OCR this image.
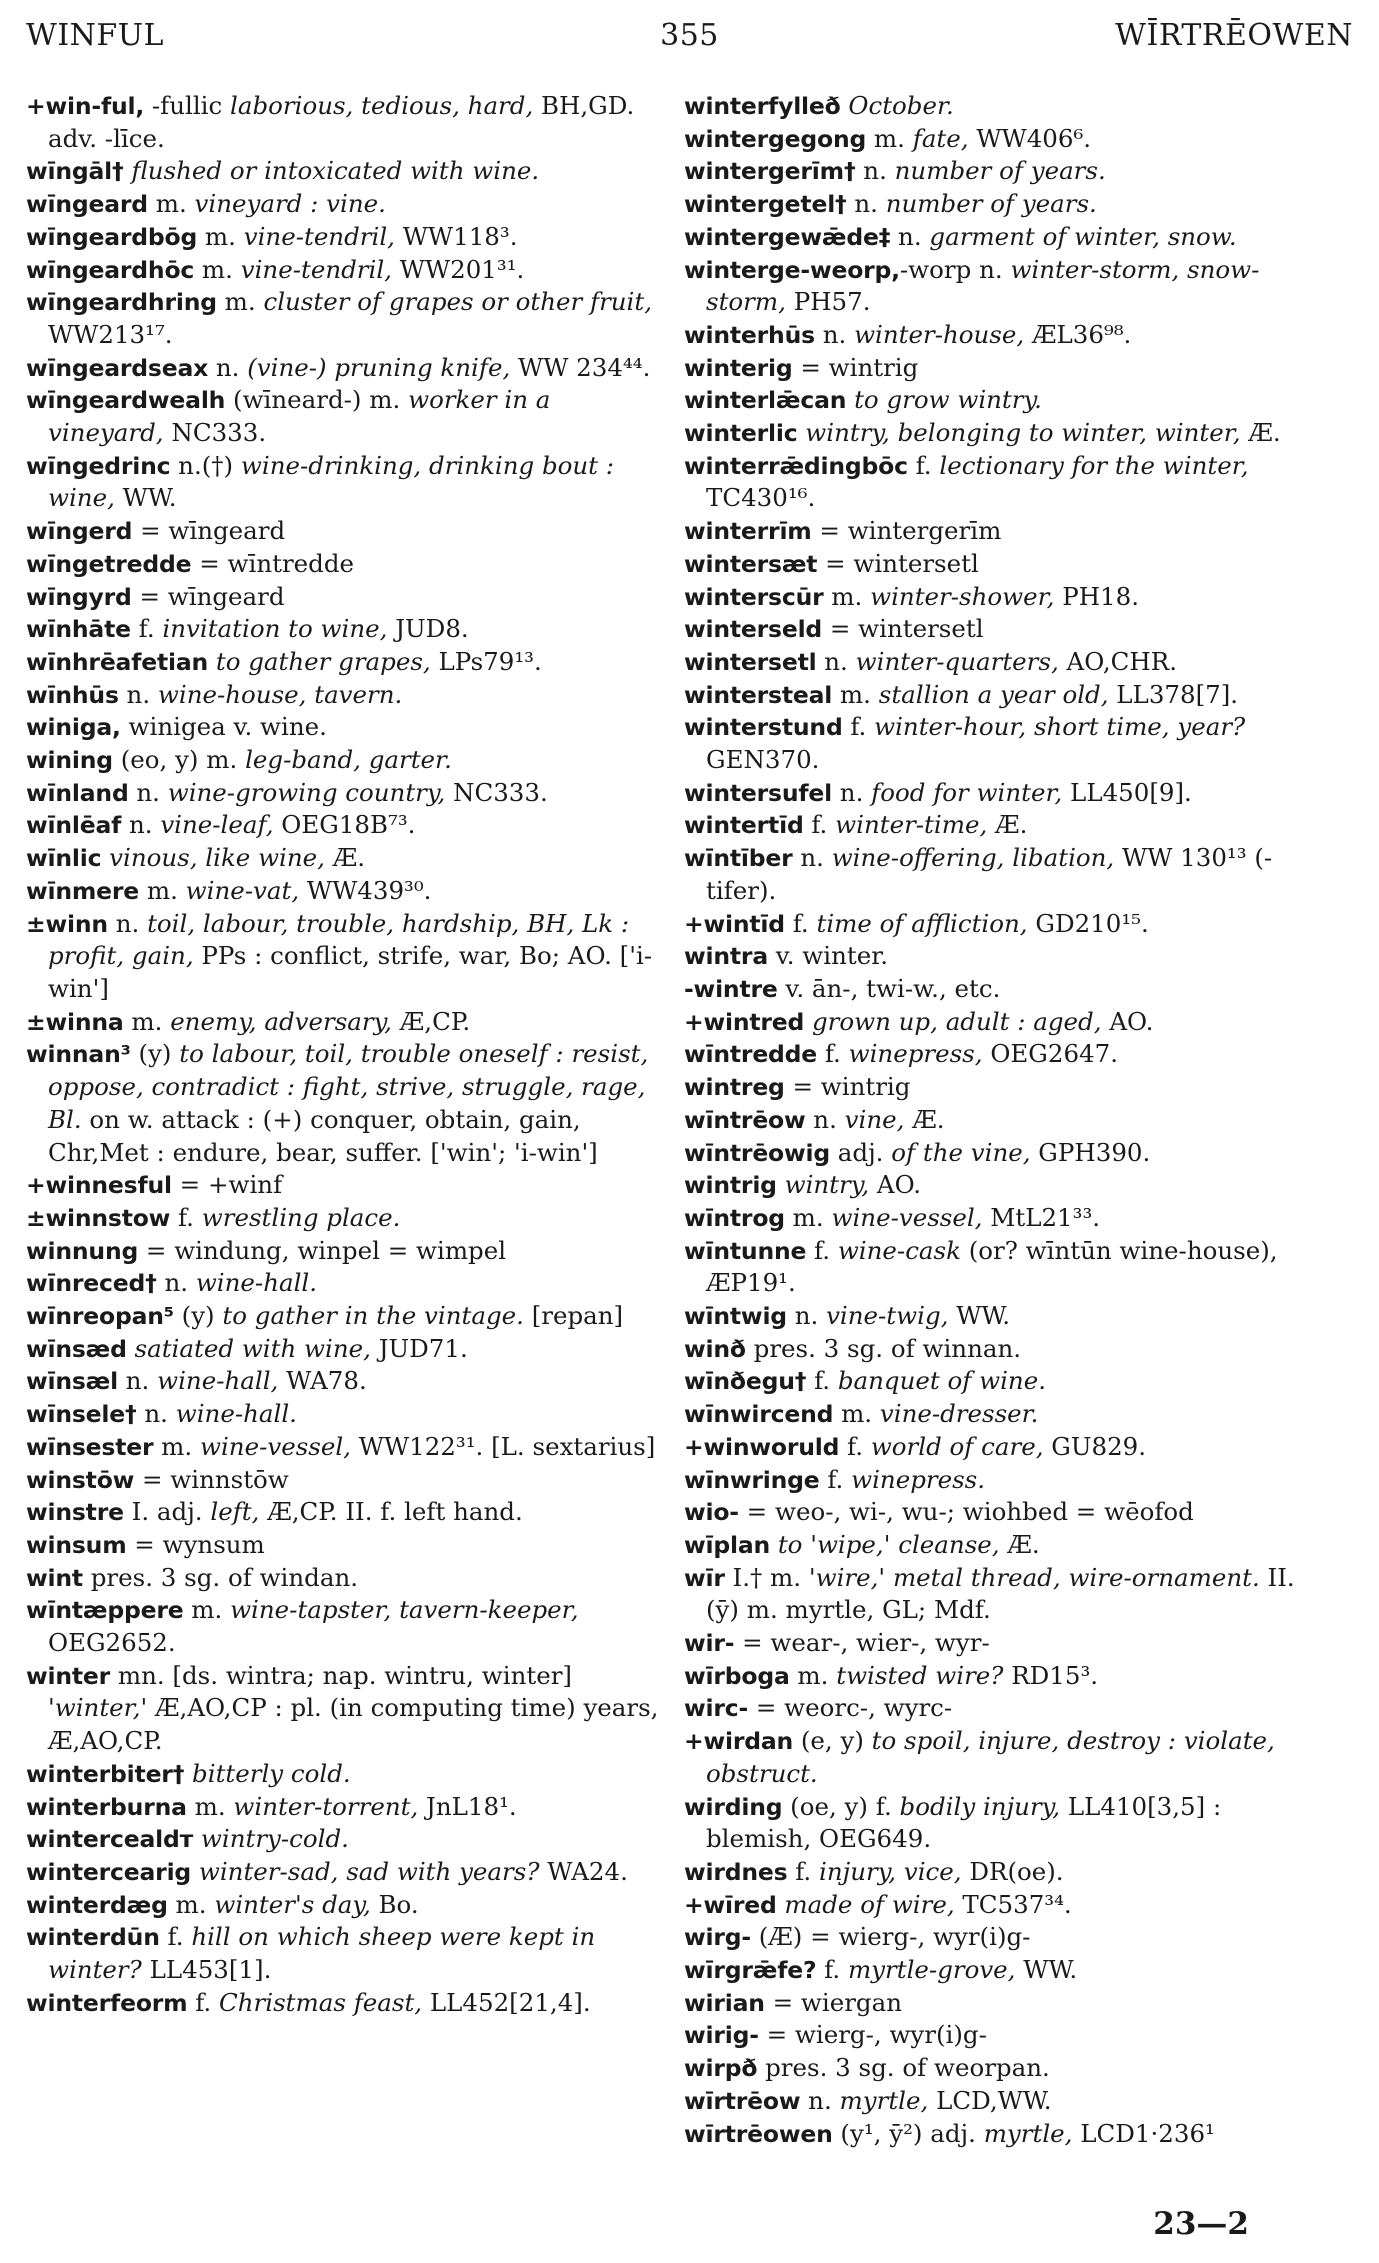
355
WINFUL	WĪRTRĒOWEN

+win-ful, -fullic laborious, tedious, hard, BH,GD. adv. -līce.

wīngāl† flushed or intoxicated with wine.

wīngeard m. vineyard : vine.

wīngeardbōg m. vine-tendril, WW118³.

wīngeardhōc m. vine-tendril, WW201³¹.

wīngeardhring m. cluster of grapes or other fruit, WW213¹⁷.

wīngeardseax n. (vine-) pruning knife, WW 234⁴⁴.

wīngeardwealh (wīneard-) m. worker in a vineyard, NC333.

wīngedrinc n.(†) wine-drinking, drinking bout : wine, WW.

wīngerd = wīngeard

wīngetredde = wīntredde

wīngyrd = wīngeard

wīnhāte f. invitation to wine, JUD8.

wīnhrēafetian to gather grapes, LPs79¹³.

wīnhūs n. wine-house, tavern.

winiga, winigea v. wine.

wining (eo, y) m. leg-band, garter.

wīnland n. wine-growing country, NC333.

wīnlēaf n. vine-leaf, OEG18B⁷³.

wīnlic vinous, like wine, Æ.

wīnmere m. wine-vat, WW439³⁰.

±winn n. toil, labour, trouble, hardship, BH, Lk : profit, gain, PPs : conflict, strife, war, Bo; AO. ['i-win']

±winna m. enemy, adversary, Æ,CP.

winnan³ (y) to labour, toil, trouble oneself : resist, oppose, contradict : fight, strive, struggle, rage, Bl. on w. attack : (+) conquer, obtain, gain, Chr,Met : endure, bear, suffer. ['win'; 'i-win']

+winnesful = +winf

±winnstow f. wrestling place.

winnung = windung, winpel = wimpel

wīnreced† n. wine-hall.

wīnreopan⁵ (y) to gather in the vintage. [repan]

wīnsæd satiated with wine, JUD71.

wīnsæl n. wine-hall, WA78.

wīnsele† n. wine-hall.

wīnsester m. wine-vessel, WW122³¹. [L. sextarius]

winstōw = winnstōw

winstre I. adj. left, Æ,CP. II. f. left hand.

winsum = wynsum

wint pres. 3 sg. of windan.

wīntæppere m. wine-tapster, tavern-keeper, OEG2652.

winter mn. [ds. wintra; nap. wintru, winter] 'winter,' Æ,AO,CP : pl. (in computing time) years, Æ,AO,CP.

winterbiter† bitterly cold.

winterburna m. winter-torrent, JnL18¹.

wintercealdт wintry-cold.

wintercearig winter-sad, sad with years? WA24.

winterdæg m. winter's day, Bo.

winterdūn f. hill on which sheep were kept in winter? LL453[1].

winterfeorm f. Christmas feast, LL452[21,4].

winterfylleð October.

wintergegong m. fate, WW406⁶.

wintergerīm† n. number of years.

wintergetel† n. number of years.

wintergewǣde‡ n. garment of winter, snow.

winterge-weorp,-worp n. winter-storm, snow-storm, PH57.

winterhūs n. winter-house, ÆL36⁹⁸.

winterig = wintrig

winterlǣcan to grow wintry.

winterlic wintry, belonging to winter, winter, Æ.

winterrǣdingbōc f. lectionary for the winter, TC430¹⁶.

winterrīm = wintergerīm

wintersæt = wintersetl

winterscūr m. winter-shower, PH18.

winterseld = wintersetl

wintersetl n. winter-quarters, AO,CHR.

wintersteal m. stallion a year old, LL378[7].

winterstund f. winter-hour, short time, year? GEN370.

wintersufel n. food for winter, LL450[9].

wintertīd f. winter-time, Æ.

wīntīber n. wine-offering, libation, WW 130¹³ (-tifer).

+wintīd f. time of affliction, GD210¹⁵.

wintra v. winter.

-wintre v. ān-, twi-w., etc.

+wintred grown up, adult : aged, AO.

wīntredde f. winepress, OEG2647.

wintreg = wintrig

wīntrēow n. vine, Æ.

wīntrēowig adj. of the vine, GPH390.

wintrig wintry, AO.

wīntrog m. wine-vessel, MtL21³³.

wīntunne f. wine-cask (or? wīntūn wine-house), ÆP19¹.

wīntwig n. vine-twig, WW.

winð pres. 3 sg. of winnan.

wīnðegu† f. banquet of wine.

wīnwircend m. vine-dresser.

+winworuld f. world of care, GU829.

wīnwringe f. winepress.

wio- = weo-, wi-, wu-; wiohbed = wēofod

wīplan to 'wipe,' cleanse, Æ.

wīr I.† m. 'wire,' metal thread, wire-ornament. II. (ȳ) m. myrtle, GL; Mdf.

wir- = wear-, wier-, wyr-

wīrboga m. twisted wire? RD15³.

wirc- = weorc-, wyrc-

+wirdan (e, y) to spoil, injure, destroy : violate, obstruct.

wirding (oe, y) f. bodily injury, LL410[3,5] : blemish, OEG649.

wirdnes f. injury, vice, DR(oe).

+wīred made of wire, TC537³⁴.

wirg- (Æ) = wierg-, wyr(i)g-

wīrgrǣfe? f. myrtle-grove, WW.

wirian = wiergan

wirig- = wierg-, wyr(i)g-

wirpð pres. 3 sg. of weorpan.

wīrtrēow n. myrtle, LCD,WW.

wīrtrēowen (y¹, ȳ²) adj. myrtle, LCD1·236¹

23—2
